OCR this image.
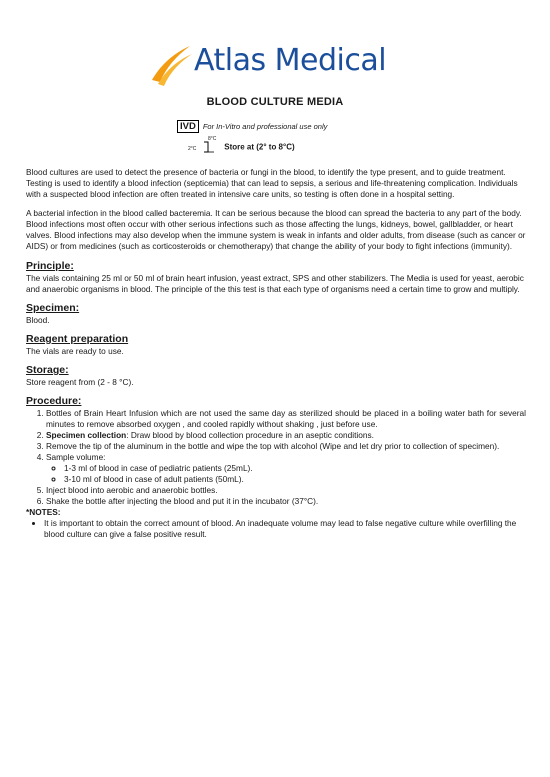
Atlas Medical
BLOOD CULTURE MEDIA
IVD For In-Vitro and professional use only
2°C
8°C
Store at (2° to 8°C)

Blood cultures are used to detect the presence of bacteria or fungi in the blood, to identify the type present, and to guide treatment. Testing is used to identify a blood infection (septicemia) that can lead to sepsis, a serious and life-threatening complication. Individuals with a suspected blood infection are often treated in intensive care units, so testing is often done in a hospital setting.

A bacterial infection in the blood called bacteremia. It can be serious because the blood can spread the bacteria to any part of the body. Blood infections most often occur with other serious infections such as those affecting the lungs, kidneys, bowel, gallbladder, or heart valves. Blood infections may also develop when the immune system is weak in infants and older adults, from disease (such as cancer or AIDS) or from medicines (such as corticosteroids or chemotherapy) that change the ability of your body to fight infections (immunity).

Principle:
The vials containing 25 ml or 50 ml of brain heart infusion, yeast extract, SPS and other stabilizers. The Media is used for yeast, aerobic and anaerobic organisms in blood. The principle of the this test is that each type of organisms need a certain time to grow and multiply.
Specimen:
Blood.
Reagent preparation
The vials are ready to use.
Storage:
Store reagent from (2 - 8 °C).
Procedure:
1. Bottles of Brain Heart Infusion which are not used the same day as sterilized should be placed in a boiling water bath for several minutes to remove absorbed oxygen , and cooled rapidly without shaking , just before use.
2. Specimen collection: Draw blood by blood collection procedure in an aseptic conditions.
3. Remove the tip of the aluminum in the bottle and wipe the top with alcohol (Wipe and let dry prior to collection of specimen).
4. Sample volume:
◦ 1-3 ml of blood in case of pediatric patients (25mL).
◦ 3-10 ml of blood in case of adult patients (50mL).
5. Inject blood into aerobic and anaerobic bottles.
6. Shake the bottle after injecting the blood and put it in the incubator (37°C).
*NOTES:
• It is important to obtain the correct amount of blood. An inadequate volume may lead to false negative culture while overfilling the blood culture can give a false positive result.
